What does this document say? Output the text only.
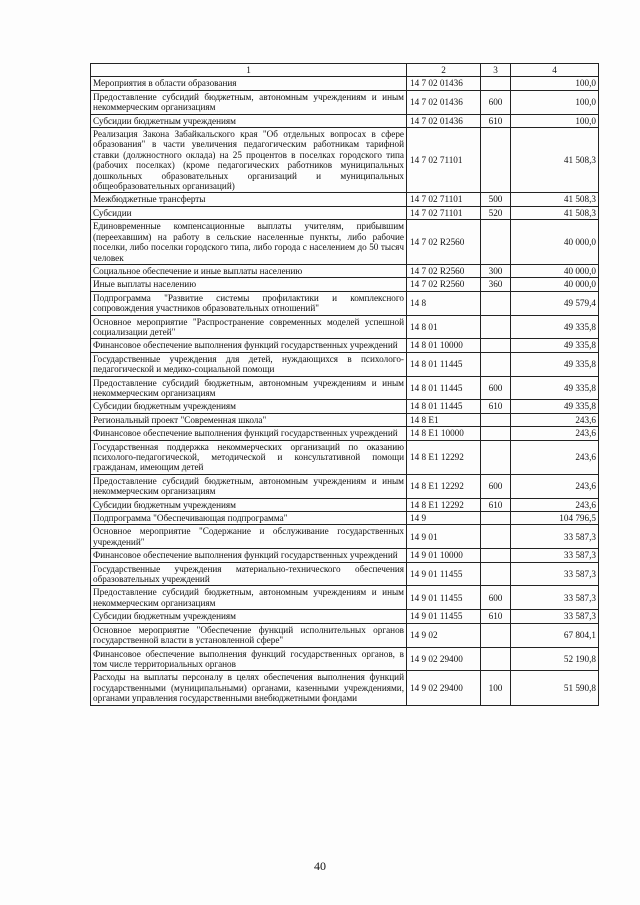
1	2	3	4
Мероприятия в области образования	14 7 02 01436		100,0
Предоставление субсидий бюджетным, автономным учреждениям и иным некоммерческим организациям	14 7 02 01436	600	100,0
Субсидии бюджетным учреждениям	14 7 02 01436	610	100,0
Реализация Закона Забайкальского края "Об отдельных вопросах в сфере образования" в части увеличения педагогическим работникам тарифной ставки (должностного оклада) на 25 процентов в поселках городского типа (рабочих поселках) (кроме педагогических работников муниципальных дошкольных образовательных организаций и муниципальных общеобразовательных организаций)	14 7 02 71101		41 508,3
Межбюджетные трансферты	14 7 02 71101	500	41 508,3
Субсидии	14 7 02 71101	520	41 508,3
Единовременные компенсационные выплаты учителям, прибывшим (переехавшим) на работу в сельские населенные пункты, либо рабочие поселки, либо поселки городского типа, либо города с населением до 50 тысяч человек	14 7 02 R2560		40 000,0
Социальное обеспечение и иные выплаты населению	14 7 02 R2560	300	40 000,0
Иные выплаты населению	14 7 02 R2560	360	40 000,0
Подпрограмма "Развитие системы профилактики и комплексного сопровождения участников образовательных отношений"	14 8		49 579,4
Основное мероприятие "Распространение современных моделей успешной социализации детей"	14 8 01		49 335,8
Финансовое обеспечение выполнения функций государственных учреждений	14 8 01 10000		49 335,8
Государственные учреждения для детей, нуждающихся в психолого-педагогической и медико-социальной помощи	14 8 01 11445		49 335,8
Предоставление субсидий бюджетным, автономным учреждениям и иным некоммерческим организациям	14 8 01 11445	600	49 335,8
Субсидии бюджетным учреждениям	14 8 01 11445	610	49 335,8
Региональный проект "Современная школа"	14 8 E1		243,6
Финансовое обеспечение выполнения функций государственных учреждений	14 8 E1 10000		243,6
Государственная поддержка некоммерческих организаций по оказанию психолого-педагогической, методической и консультативной помощи гражданам, имеющим детей	14 8 E1 12292		243,6
Предоставление субсидий бюджетным, автономным учреждениям и иным некоммерческим организациям	14 8 E1 12292	600	243,6
Субсидии бюджетным учреждениям	14 8 E1 12292	610	243,6
Подпрограмма "Обеспечивающая подпрограмма"	14 9		104 796,5
Основное мероприятие "Содержание и обслуживание государственных учреждений"	14 9 01		33 587,3
Финансовое обеспечение выполнения функций государственных учреждений	14 9 01 10000		33 587,3
Государственные учреждения материально-технического обеспечения образовательных учреждений	14 9 01 11455		33 587,3
Предоставление субсидий бюджетным, автономным учреждениям и иным некоммерческим организациям	14 9 01 11455	600	33 587,3
Субсидии бюджетным учреждениям	14 9 01 11455	610	33 587,3
Основное мероприятие "Обеспечение функций исполнительных органов государственной власти в установленной сфере"	14 9 02		67 804,1
Финансовое обеспечение выполнения функций государственных органов, в том числе территориальных органов	14 9 02 29400		52 190,8
Расходы на выплаты персоналу в целях обеспечения выполнения функций государственными (муниципальными) органами, казенными учреждениями, органами управления государственными внебюджетными фондами	14 9 02 29400	100	51 590,8
40
